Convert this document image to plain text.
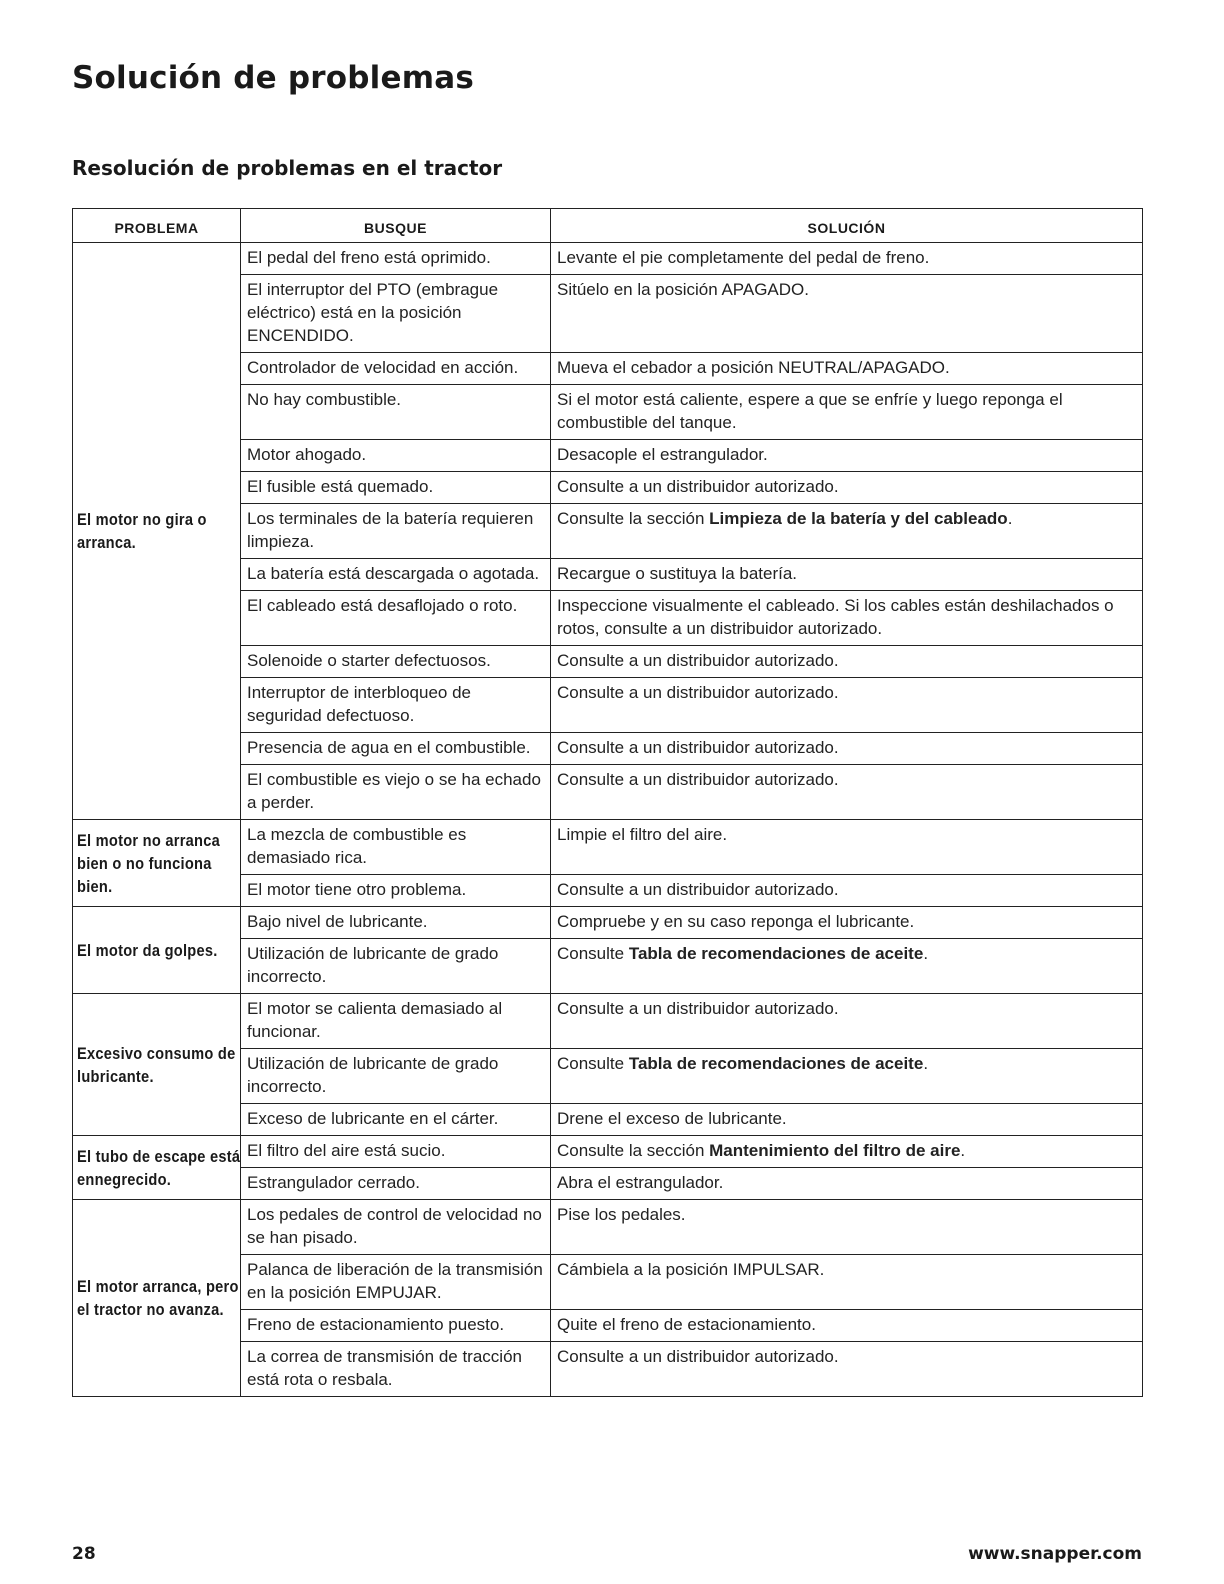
Solución de problemas
Resolución de problemas en el tractor
PROBLEMA	BUSQUE	SOLUCIÓN
El motor no gira o arranca.	El pedal del freno está oprimido.	Levante el pie completamente del pedal de freno.
	El interruptor del PTO (embrague eléctrico) está en la posición ENCENDIDO.	Sitúelo en la posición APAGADO.
	Controlador de velocidad en acción.	Mueva el cebador a posición NEUTRAL/APAGADO.
	No hay combustible.	Si el motor está caliente, espere a que se enfríe y luego reponga el combustible del tanque.
	Motor ahogado.	Desacople el estrangulador.
	El fusible está quemado.	Consulte a un distribuidor autorizado.
	Los terminales de la batería requieren limpieza.	Consulte la sección Limpieza de la batería y del cableado.
	La batería está descargada o agotada.	Recargue o sustituya la batería.
	El cableado está desaflojado o roto.	Inspeccione visualmente el cableado. Si los cables están deshilachados o rotos, consulte a un distribuidor autorizado.
	Solenoide o starter defectuosos.	Consulte a un distribuidor autorizado.
	Interruptor de interbloqueo de seguridad defectuoso.	Consulte a un distribuidor autorizado.
	Presencia de agua en el combustible.	Consulte a un distribuidor autorizado.
	El combustible es viejo o se ha echado a perder.	Consulte a un distribuidor autorizado.
El motor no arranca bien o no funciona bien.	La mezcla de combustible es demasiado rica.	Limpie el filtro del aire.
	El motor tiene otro problema.	Consulte a un distribuidor autorizado.
El motor da golpes.	Bajo nivel de lubricante.	Compruebe y en su caso reponga el lubricante.
	Utilización de lubricante de grado incorrecto.	Consulte Tabla de recomendaciones de aceite.
Excesivo consumo de lubricante.	El motor se calienta demasiado al funcionar.	Consulte a un distribuidor autorizado.
	Utilización de lubricante de grado incorrecto.	Consulte Tabla de recomendaciones de aceite.
	Exceso de lubricante en el cárter.	Drene el exceso de lubricante.
El tubo de escape está ennegrecido.	El filtro del aire está sucio.	Consulte la sección Mantenimiento del filtro de aire.
	Estrangulador cerrado.	Abra el estrangulador.
El motor arranca, pero el tractor no avanza.	Los pedales de control de velocidad no se han pisado.	Pise los pedales.
	Palanca de liberación de la transmisión en la posición EMPUJAR.	Cámbiela a la posición IMPULSAR.
	Freno de estacionamiento puesto.	Quite el freno de estacionamiento.
	La correa de transmisión de tracción está rota o resbala.	Consulte a un distribuidor autorizado.
28	www.snapper.com
